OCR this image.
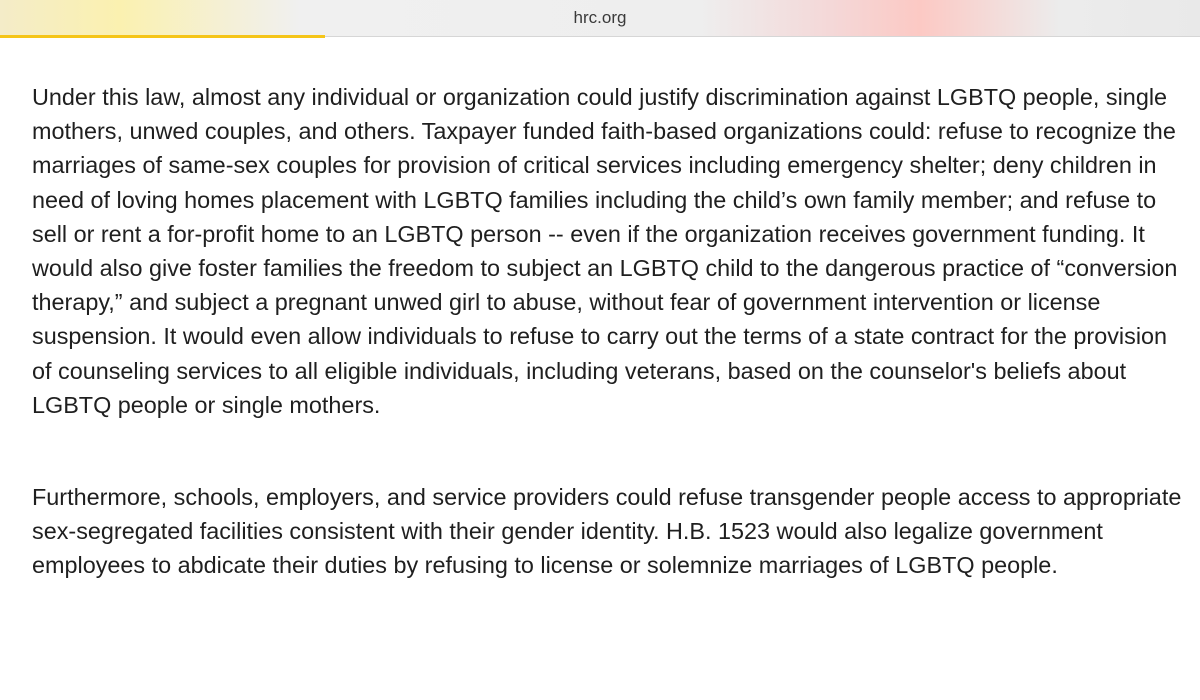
hrc.org

Under this law, almost any individual or organization could justify discrimination against LGBTQ people, single mothers, unwed couples, and others. Taxpayer funded faith-based organizations could: refuse to recognize the marriages of same-sex couples for provision of critical services including emergency shelter; deny children in need of loving homes placement with LGBTQ families including the child’s own family member; and refuse to sell or rent a for-profit home to an LGBTQ person -- even if the organization receives government funding. It would also give foster families the freedom to subject an LGBTQ child to the dangerous practice of “conversion therapy,” and subject a pregnant unwed girl to abuse, without fear of government intervention or license suspension. It would even allow individuals to refuse to carry out the terms of a state contract for the provision of counseling services to all eligible individuals, including veterans, based on the counselor's beliefs about LGBTQ people or single mothers.

Furthermore, schools, employers, and service providers could refuse transgender people access to appropriate sex-segregated facilities consistent with their gender identity. H.B. 1523 would also legalize government employees to abdicate their duties by refusing to license or solemnize marriages of LGBTQ people.
